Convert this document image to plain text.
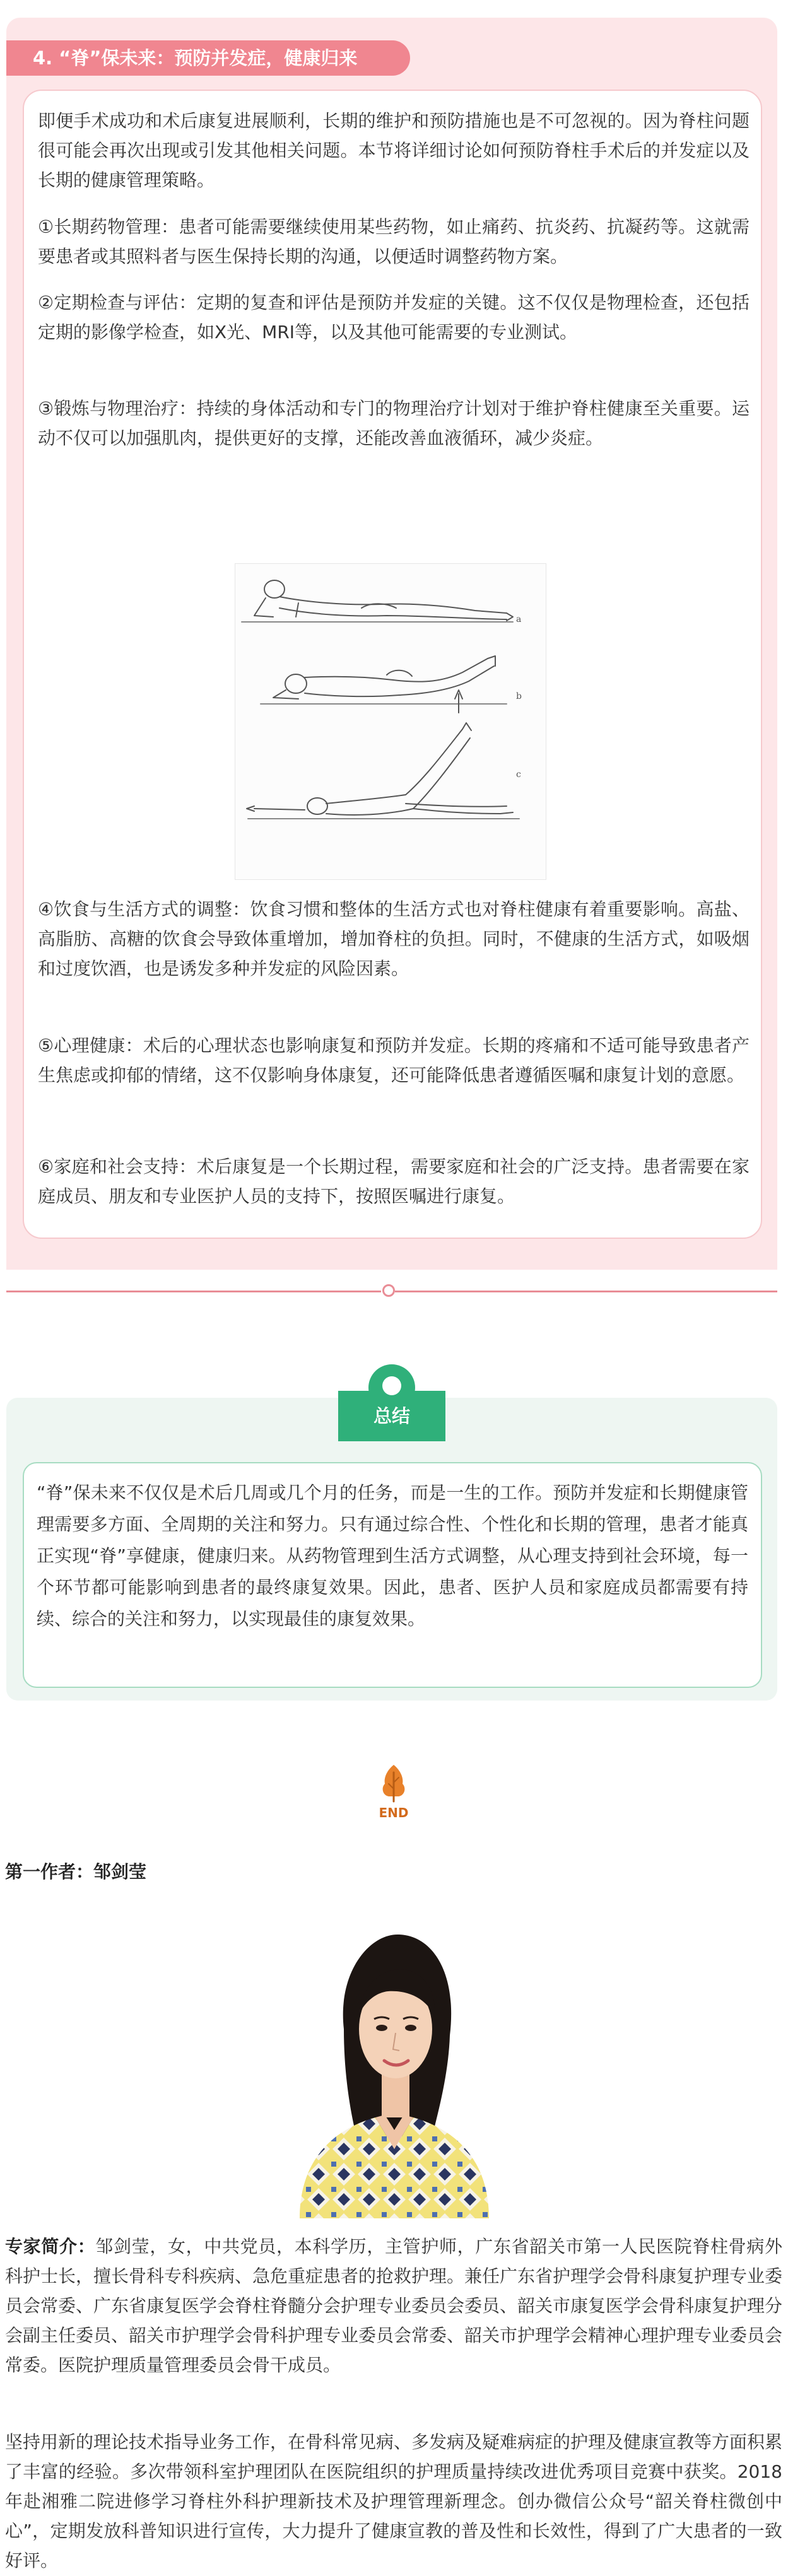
4. “脊”保未来：预防并发症，健康归来
即便手术成功和术后康复进展顺利，长期的维护和预防措施也是不可忽视的。因为脊柱问题很可能会再次出现或引发其他相关问题。本节将详细讨论如何预防脊柱手术后的并发症以及长期的健康管理策略。
①长期药物管理：患者可能需要继续使用某些药物，如止痛药、抗炎药、抗凝药等。这就需要患者或其照料者与医生保持长期的沟通，以便适时调整药物方案。
②定期检查与评估：定期的复查和评估是预防并发症的关键。这不仅仅是物理检查，还包括定期的影像学检查，如X光、MRI等，以及其他可能需要的专业测试。
③锻炼与物理治疗：持续的身体活动和专门的物理治疗计划对于维护脊柱健康至关重要。运动不仅可以加强肌肉，提供更好的支撑，还能改善血液循环，减少炎症。
a
b
c
④饮食与生活方式的调整：饮食习惯和整体的生活方式也对脊柱健康有着重要影响。高盐、高脂肪、高糖的饮食会导致体重增加，增加脊柱的负担。同时，不健康的生活方式，如吸烟和过度饮酒，也是诱发多种并发症的风险因素。
⑤心理健康：术后的心理状态也影响康复和预防并发症。长期的疼痛和不适可能导致患者产生焦虑或抑郁的情绪，这不仅影响身体康复，还可能降低患者遵循医嘱和康复计划的意愿。
⑥家庭和社会支持：术后康复是一个长期过程，需要家庭和社会的广泛支持。患者需要在家庭成员、朋友和专业医护人员的支持下，按照医嘱进行康复。
总结
“脊”保未来不仅仅是术后几周或几个月的任务，而是一生的工作。预防并发症和长期健康管理需要多方面、全周期的关注和努力。只有通过综合性、个性化和长期的管理，患者才能真正实现“脊”享健康，健康归来。从药物管理到生活方式调整，从心理支持到社会环境，每一个环节都可能影响到患者的最终康复效果。因此，患者、医护人员和家庭成员都需要有持续、综合的关注和努力，以实现最佳的康复效果。
END
第一作者：邹剑莹
专家简介：邹剑莹，女，中共党员，本科学历，主管护师，广东省韶关市第一人民医院脊柱骨病外科护士长，擅长骨科专科疾病、急危重症患者的抢救护理。兼任广东省护理学会骨科康复护理专业委员会常委、广东省康复医学会脊柱脊髓分会护理专业委员会委员、韶关市康复医学会骨科康复护理分会副主任委员、韶关市护理学会骨科护理专业委员会常委、韶关市护理学会精神心理护理专业委员会常委。医院护理质量管理委员会骨干成员。
坚持用新的理论技术指导业务工作，在骨科常见病、多发病及疑难病症的护理及健康宣教等方面积累了丰富的经验。多次带领科室护理团队在医院组织的护理质量持续改进优秀项目竞赛中获奖。2018年赴湘雅二院进修学习脊柱外科护理新技术及护理管理新理念。创办微信公众号“韶关脊柱微创中心”，定期发放科普知识进行宣传，大力提升了健康宣教的普及性和长效性，得到了广大患者的一致好评。
